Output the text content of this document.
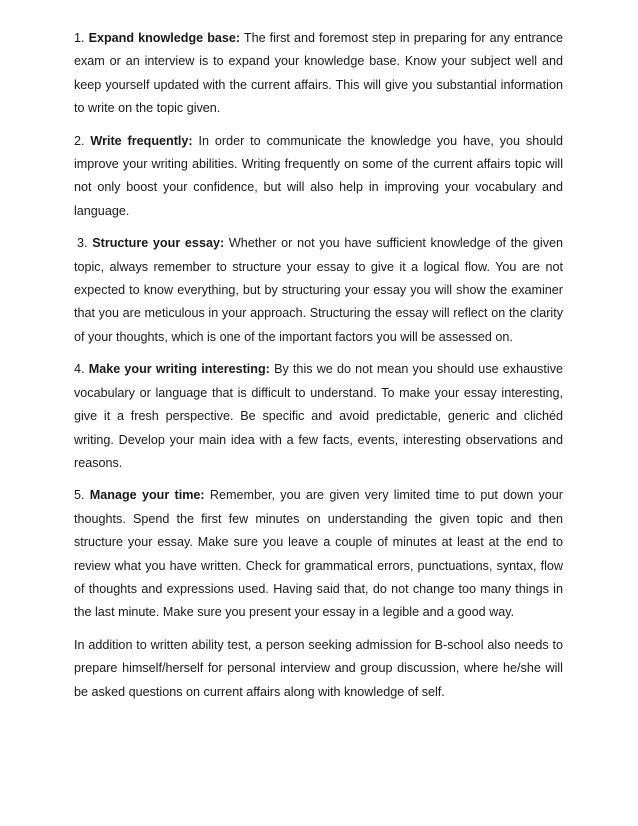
1. Expand knowledge base: The first and foremost step in preparing for any entrance exam or an interview is to expand your knowledge base. Know your subject well and keep yourself updated with the current affairs. This will give you substantial information to write on the topic given.

2. Write frequently: In order to communicate the knowledge you have, you should improve your writing abilities. Writing frequently on some of the current affairs topic will not only boost your confidence, but will also help in improving your vocabulary and language.

3. Structure your essay: Whether or not you have sufficient knowledge of the given topic, always remember to structure your essay to give it a logical flow. You are not expected to know everything, but by structuring your essay you will show the examiner that you are meticulous in your approach. Structuring the essay will reflect on the clarity of your thoughts, which is one of the important factors you will be assessed on.

4. Make your writing interesting: By this we do not mean you should use exhaustive vocabulary or language that is difficult to understand. To make your essay interesting, give it a fresh perspective. Be specific and avoid predictable, generic and clichéd writing. Develop your main idea with a few facts, events, interesting observations and reasons.

5. Manage your time: Remember, you are given very limited time to put down your thoughts. Spend the first few minutes on understanding the given topic and then structure your essay. Make sure you leave a couple of minutes at least at the end to review what you have written. Check for grammatical errors, punctuations, syntax, flow of thoughts and expressions used. Having said that, do not change too many things in the last minute. Make sure you present your essay in a legible and a good way.

In addition to written ability test, a person seeking admission for B-school also needs to prepare himself/herself for personal interview and group discussion, where he/she will be asked questions on current affairs along with knowledge of self.
